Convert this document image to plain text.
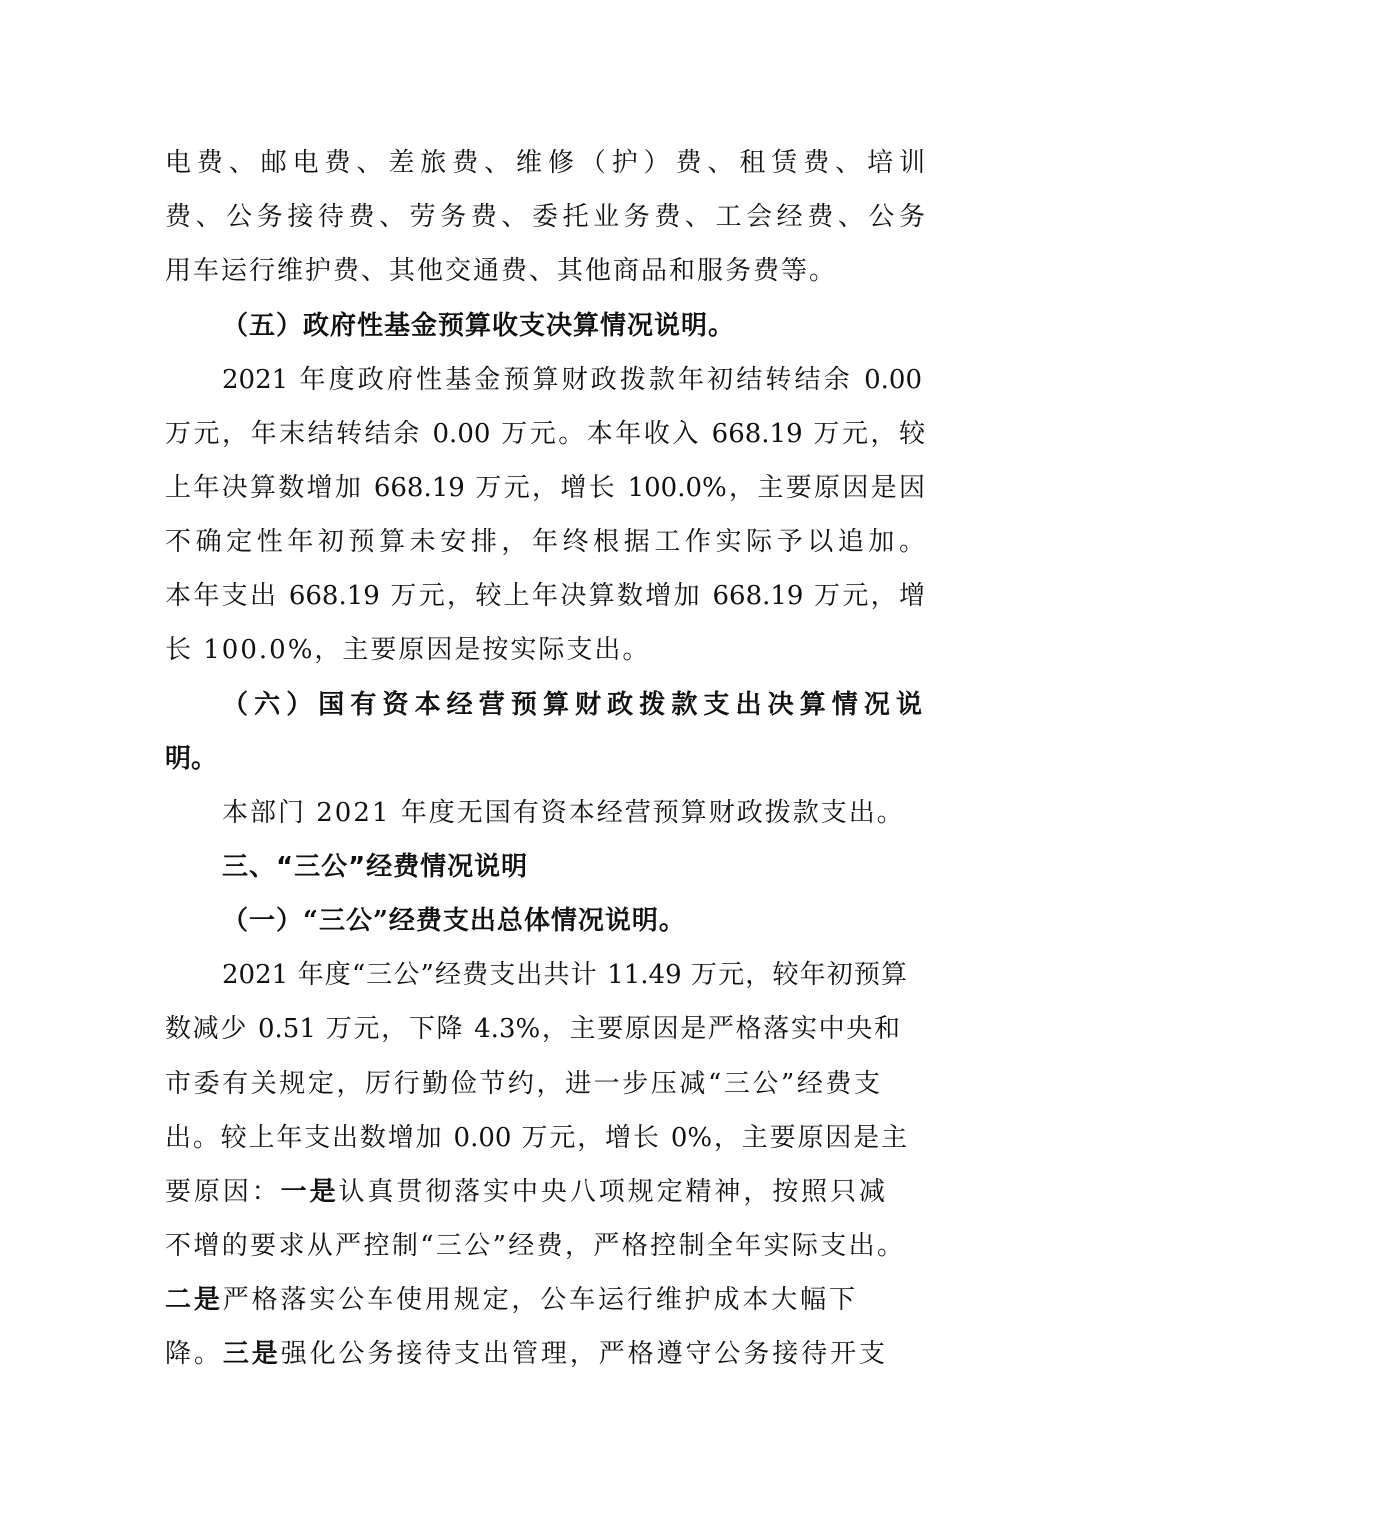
电费、邮电费、差旅费、维修（护）费、租赁费、培训
费、公务接待费、劳务费、委托业务费、工会经费、公务
用车运行维护费、其他交通费、其他商品和服务费等。
（五）政府性基金预算收支决算情况说明。
2021 年度政府性基金预算财政拨款年初结转结余 0.00
万元，年末结转结余 0.00 万元。本年收入 668.19 万元，较
上年决算数增加 668.19 万元，增长 100.0%，主要原因是因
不确定性年初预算未安排，年终根据工作实际予以追加。
本年支出 668.19 万元，较上年决算数增加 668.19 万元，增
长 100.0%，主要原因是按实际支出。
（六）国有资本经营预算财政拨款支出决算情况说
明。
本部门 2021 年度无国有资本经营预算财政拨款支出。
三、“三公”经费情况说明
（一）“三公”经费支出总体情况说明。
2021 年度“三公”经费支出共计 11.49 万元，较年初预算
数减少 0.51 万元，下降 4.3%，主要原因是严格落实中央和
市委有关规定，厉行勤俭节约，进一步压减“三公”经费支
出。较上年支出数增加 0.00 万元，增长 0%，主要原因是主
要原因：一是认真贯彻落实中央八项规定精神，按照只减
不增的要求从严控制“三公”经费，严格控制全年实际支出。
二是严格落实公车使用规定，公车运行维护成本大幅下
降。三是强化公务接待支出管理，严格遵守公务接待开支
